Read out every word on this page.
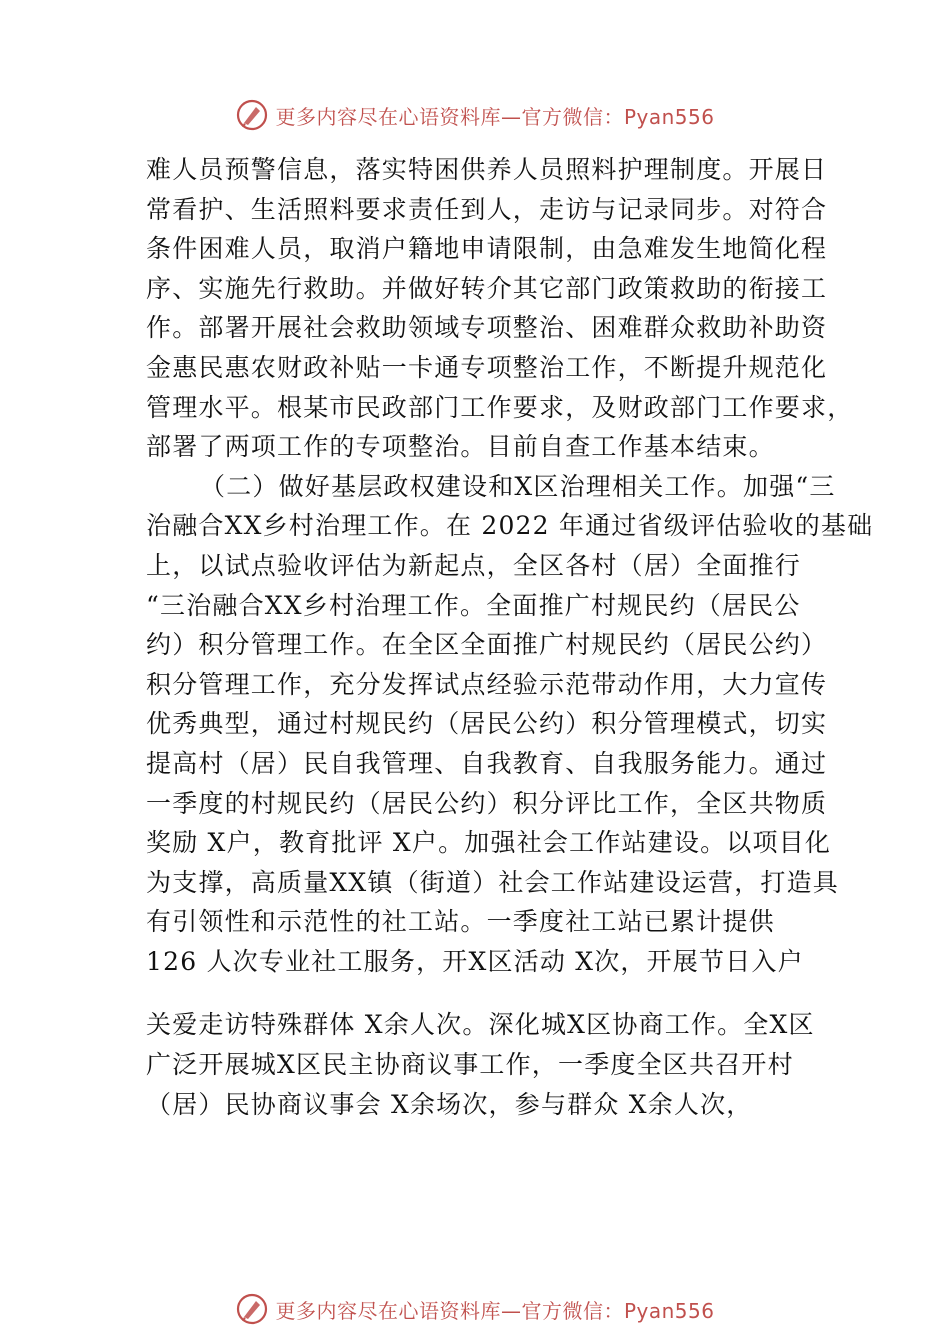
更多内容尽在心语资料库—官方微信：Pyan556
难人员预警信息，落实特困供养人员照料护理制度。开展日
常看护、生活照料要求责任到人，走访与记录同步。对符合
条件困难人员，取消户籍地申请限制，由急难发生地简化程
序、实施先行救助。并做好转介其它部门政策救助的衔接工
作。部署开展社会救助领域专项整治、困难群众救助补助资
金惠民惠农财政补贴一卡通专项整治工作，不断提升规范化
管理水平。根某市民政部门工作要求，及财政部门工作要求，
部署了两项工作的专项整治。目前自查工作基本结束。
（二）做好基层政权建设和X区治理相关工作。加强“三
治融合XX乡村治理工作。在 2022 年通过省级评估验收的基础
上，以试点验收评估为新起点，全区各村（居）全面推行
“三治融合XX乡村治理工作。全面推广村规民约（居民公
约）积分管理工作。在全区全面推广村规民约（居民公约）
积分管理工作，充分发挥试点经验示范带动作用，大力宣传
优秀典型，通过村规民约（居民公约）积分管理模式，切实
提高村（居）民自我管理、自我教育、自我服务能力。通过
一季度的村规民约（居民公约）积分评比工作，全区共物质
奖励 X户，教育批评 X户。加强社会工作站建设。以项目化
为支撑，高质量XX镇（街道）社会工作站建设运营，打造具
有引领性和示范性的社工站。一季度社工站已累计提供
126 人次专业社工服务，开X区活动 X次，开展节日入户
关爱走访特殊群体 X余人次。深化城X区协商工作。全X区
广泛开展城X区民主协商议事工作，一季度全区共召开村
（居）民协商议事会 X余场次，参与群众 X余人次，
更多内容尽在心语资料库—官方微信：Pyan556
